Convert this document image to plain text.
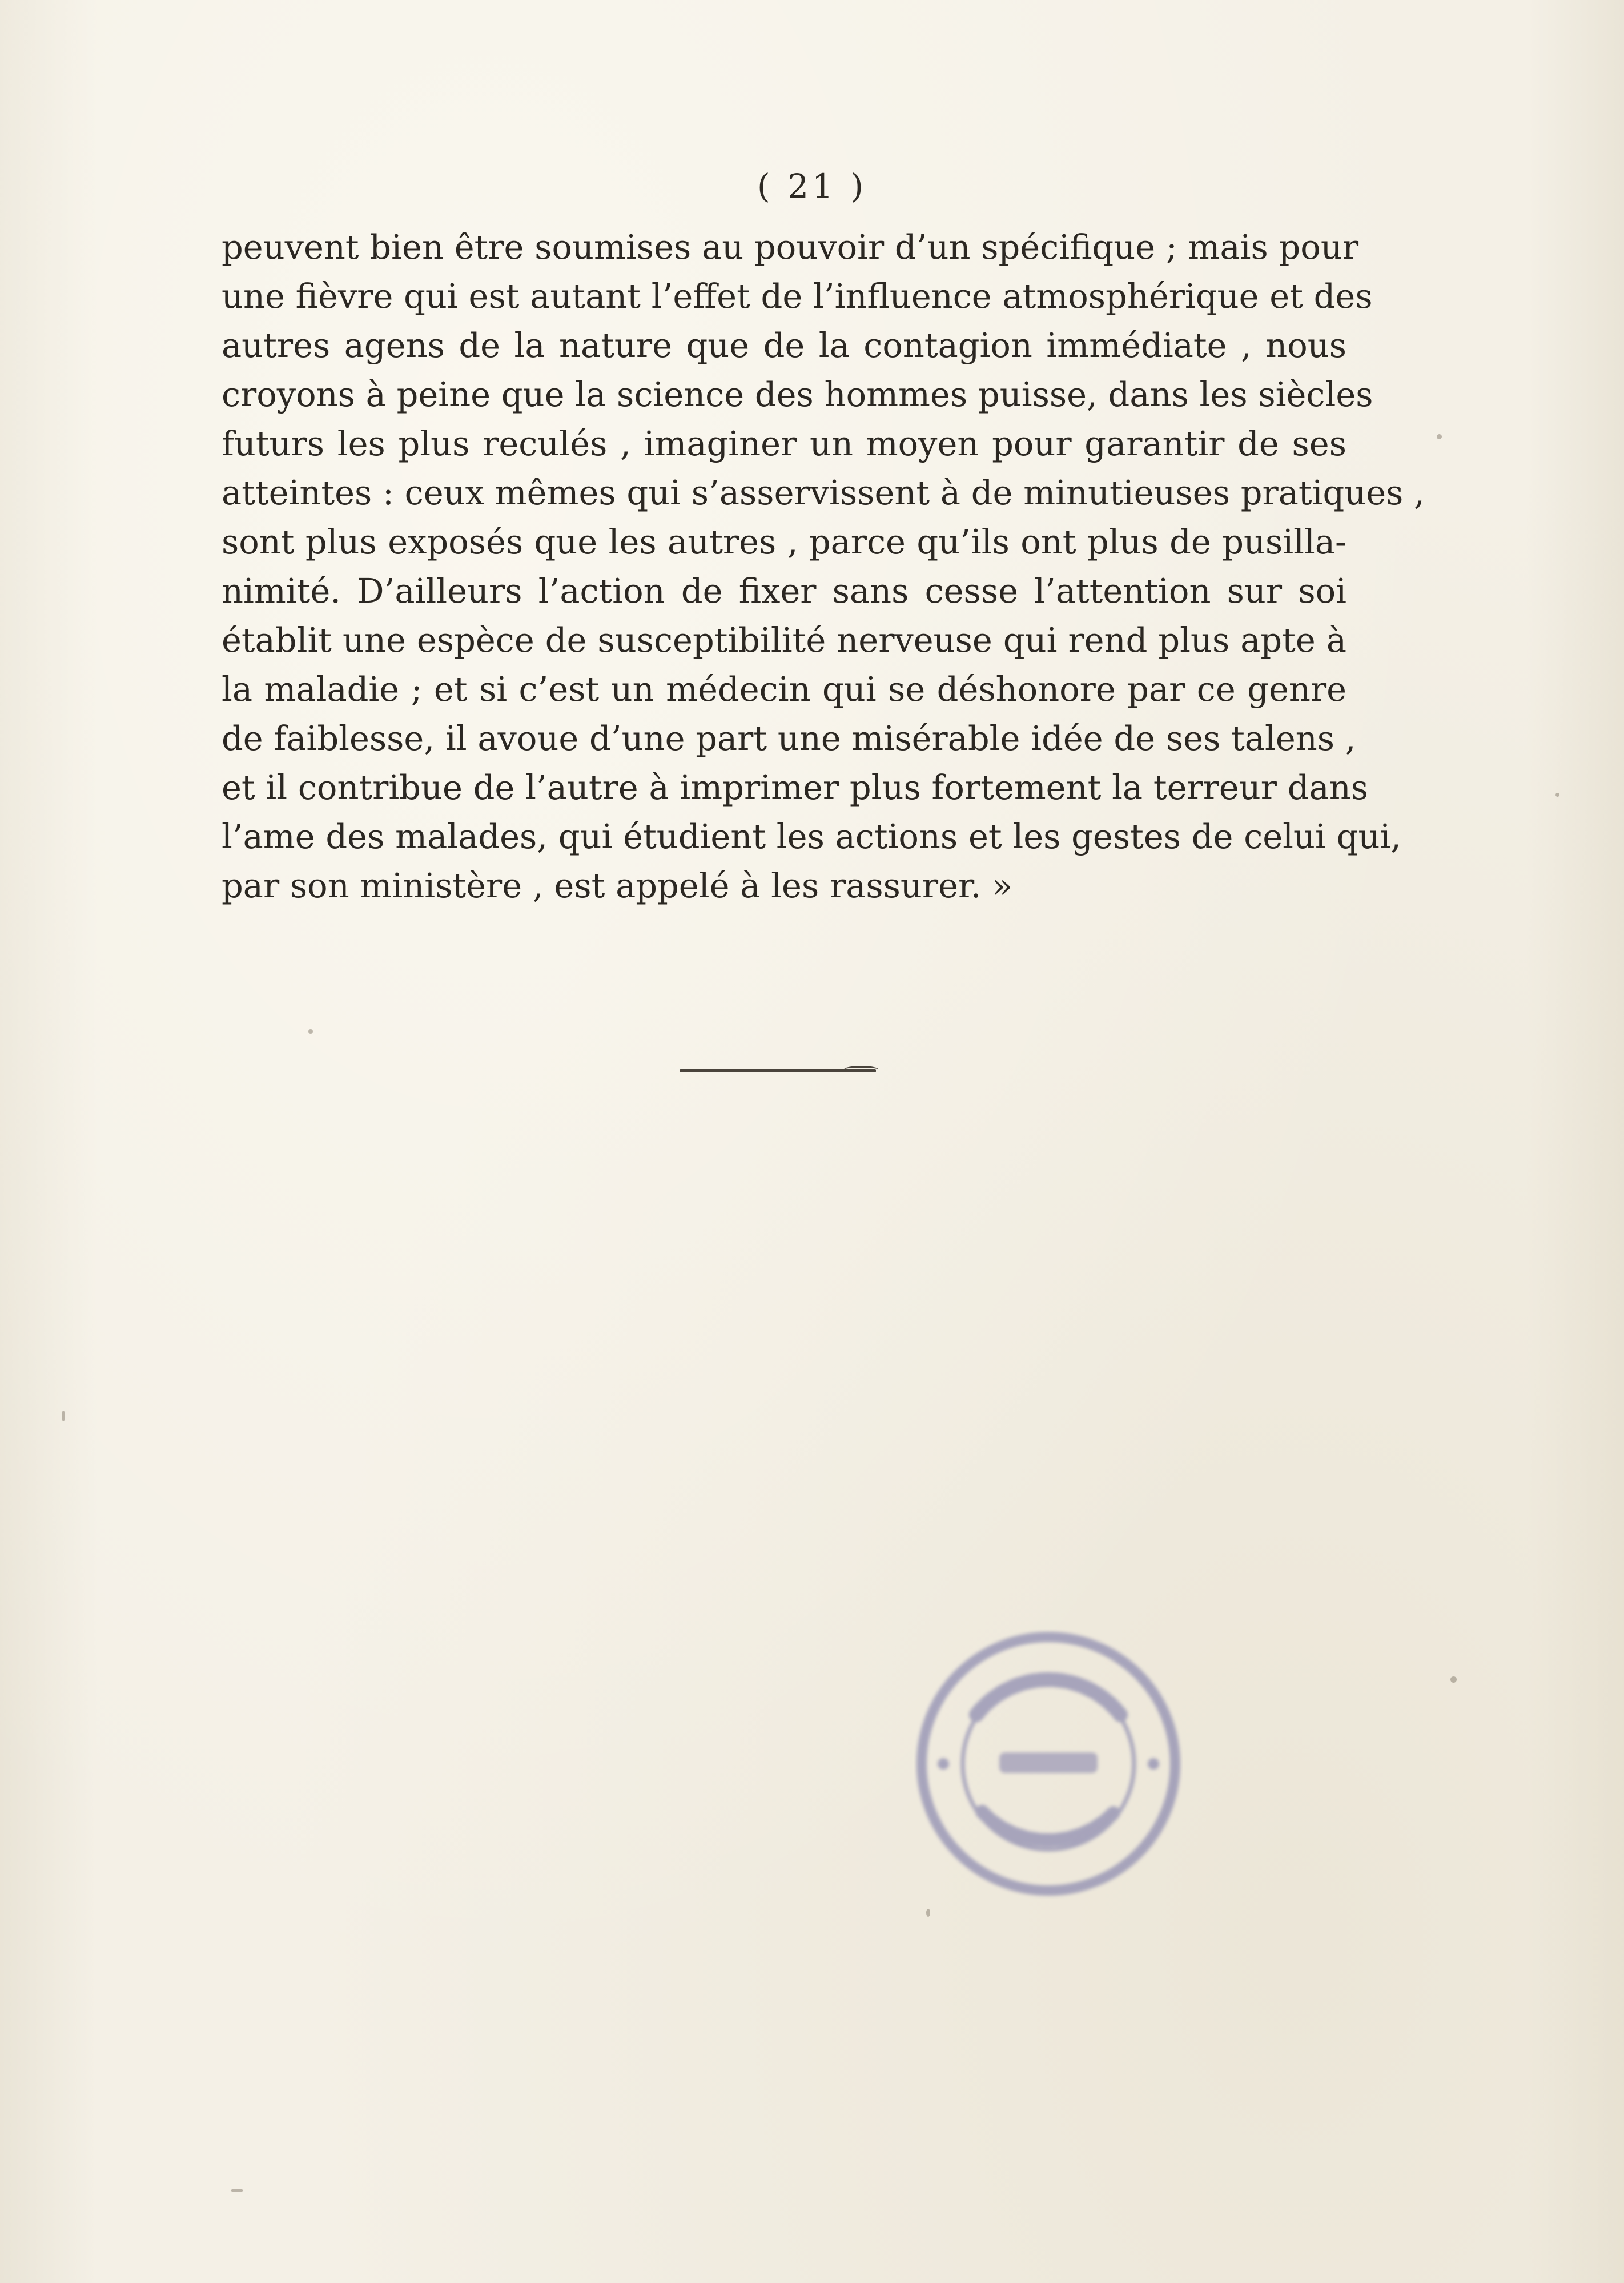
( 21 )
peuvent bien être soumises au pouvoir d’un spécifique ; mais pour
une fièvre qui est autant l’effet de l’influence atmosphérique et des
autres agens de la nature que de la contagion immédiate , nous
croyons à peine que la science des hommes puisse, dans les siècles
futurs les plus reculés , imaginer un moyen pour garantir de ses
atteintes : ceux mêmes qui s’asservissent à de minutieuses pratiques ,
sont plus exposés que les autres , parce qu’ils ont plus de pusilla-
nimité. D’ailleurs l’action de fixer sans cesse l’attention sur soi
établit une espèce de susceptibilité nerveuse qui rend plus apte à
la maladie ; et si c’est un médecin qui se déshonore par ce genre
de faiblesse, il avoue d’une part une misérable idée de ses talens ,
et il contribue de l’autre à imprimer plus fortement la terreur dans
l’ame des malades, qui étudient les actions et les gestes de celui qui,
par son ministère , est appelé à les rassurer. »
